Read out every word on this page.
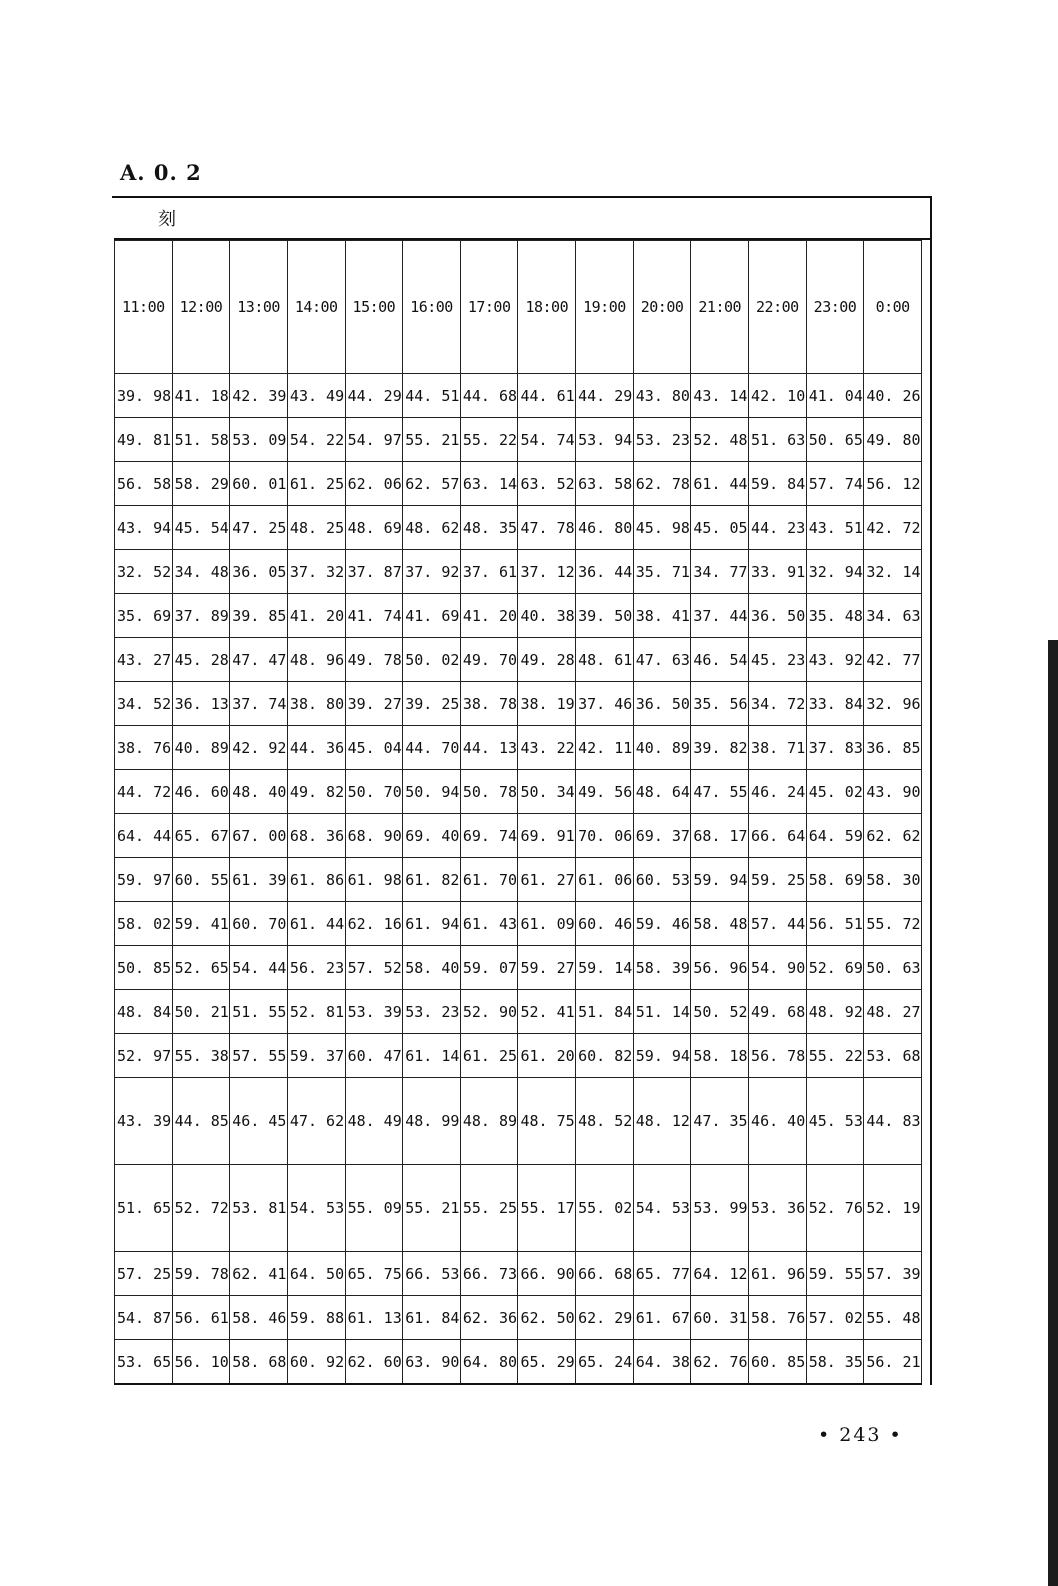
A. 0. 2
刻
11:00	12:00	13:00	14:00	15:00	16:00	17:00	18:00	19:00	20:00	21:00	22:00	23:00	0:00
39. 98	41. 18	42. 39	43. 49	44. 29	44. 51	44. 68	44. 61	44. 29	43. 80	43. 14	42. 10	41. 04	40. 26
49. 81	51. 58	53. 09	54. 22	54. 97	55. 21	55. 22	54. 74	53. 94	53. 23	52. 48	51. 63	50. 65	49. 80
56. 58	58. 29	60. 01	61. 25	62. 06	62. 57	63. 14	63. 52	63. 58	62. 78	61. 44	59. 84	57. 74	56. 12
43. 94	45. 54	47. 25	48. 25	48. 69	48. 62	48. 35	47. 78	46. 80	45. 98	45. 05	44. 23	43. 51	42. 72
32. 52	34. 48	36. 05	37. 32	37. 87	37. 92	37. 61	37. 12	36. 44	35. 71	34. 77	33. 91	32. 94	32. 14
35. 69	37. 89	39. 85	41. 20	41. 74	41. 69	41. 20	40. 38	39. 50	38. 41	37. 44	36. 50	35. 48	34. 63
43. 27	45. 28	47. 47	48. 96	49. 78	50. 02	49. 70	49. 28	48. 61	47. 63	46. 54	45. 23	43. 92	42. 77
34. 52	36. 13	37. 74	38. 80	39. 27	39. 25	38. 78	38. 19	37. 46	36. 50	35. 56	34. 72	33. 84	32. 96
38. 76	40. 89	42. 92	44. 36	45. 04	44. 70	44. 13	43. 22	42. 11	40. 89	39. 82	38. 71	37. 83	36. 85
44. 72	46. 60	48. 40	49. 82	50. 70	50. 94	50. 78	50. 34	49. 56	48. 64	47. 55	46. 24	45. 02	43. 90
64. 44	65. 67	67. 00	68. 36	68. 90	69. 40	69. 74	69. 91	70. 06	69. 37	68. 17	66. 64	64. 59	62. 62
59. 97	60. 55	61. 39	61. 86	61. 98	61. 82	61. 70	61. 27	61. 06	60. 53	59. 94	59. 25	58. 69	58. 30
58. 02	59. 41	60. 70	61. 44	62. 16	61. 94	61. 43	61. 09	60. 46	59. 46	58. 48	57. 44	56. 51	55. 72
50. 85	52. 65	54. 44	56. 23	57. 52	58. 40	59. 07	59. 27	59. 14	58. 39	56. 96	54. 90	52. 69	50. 63
48. 84	50. 21	51. 55	52. 81	53. 39	53. 23	52. 90	52. 41	51. 84	51. 14	50. 52	49. 68	48. 92	48. 27
52. 97	55. 38	57. 55	59. 37	60. 47	61. 14	61. 25	61. 20	60. 82	59. 94	58. 18	56. 78	55. 22	53. 68
43. 39	44. 85	46. 45	47. 62	48. 49	48. 99	48. 89	48. 75	48. 52	48. 12	47. 35	46. 40	45. 53	44. 83
51. 65	52. 72	53. 81	54. 53	55. 09	55. 21	55. 25	55. 17	55. 02	54. 53	53. 99	53. 36	52. 76	52. 19
57. 25	59. 78	62. 41	64. 50	65. 75	66. 53	66. 73	66. 90	66. 68	65. 77	64. 12	61. 96	59. 55	57. 39
54. 87	56. 61	58. 46	59. 88	61. 13	61. 84	62. 36	62. 50	62. 29	61. 67	60. 31	58. 76	57. 02	55. 48
53. 65	56. 10	58. 68	60. 92	62. 60	63. 90	64. 80	65. 29	65. 24	64. 38	62. 76	60. 85	58. 35	56. 21
• 243 •
